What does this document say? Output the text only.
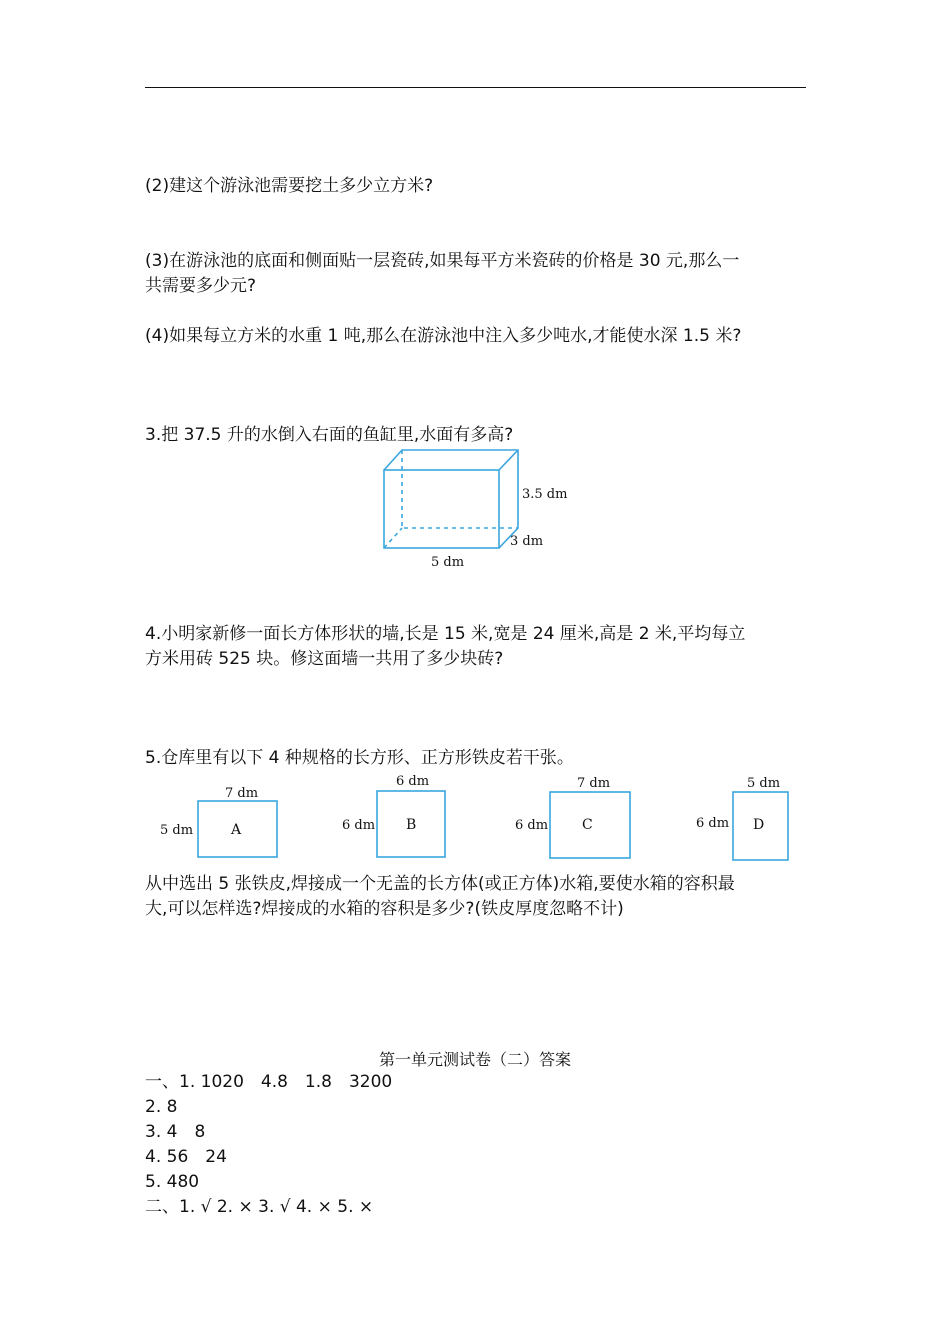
(2)建这个游泳池需要挖土多少立方米?
(3)在游泳池的底面和侧面贴一层瓷砖,如果每平方米瓷砖的价格是 30 元,那么一
共需要多少元?
(4)如果每立方米的水重 1 吨,那么在游泳池中注入多少吨水,才能使水深 1.5 米?
3.把 37.5 升的水倒入右面的鱼缸里,水面有多高?
3.5 dm
3 dm
5 dm
4.小明家新修一面长方体形状的墙,长是 15 米,宽是 24 厘米,高是 2 米,平均每立
方米用砖 525 块。修这面墙一共用了多少块砖?
5.仓库里有以下 4 种规格的长方形、正方形铁皮若干张。
7 dm
5 dm	A
6 dm
6 dm B
7 dm
6 dm C
5 dm
6 dm D
从中选出 5 张铁皮,焊接成一个无盖的长方体(或正方体)水箱,要使水箱的容积最
大,可以怎样选?焊接成的水箱的容积是多少?(铁皮厚度忽略不计)
第一单元测试卷（二）答案
一、1. 1020　4.8　1.8　3200
2. 8
3. 4　8
4. 56　24
5. 480
二、1. √ 2. × 3. √ 4. × 5. ×
